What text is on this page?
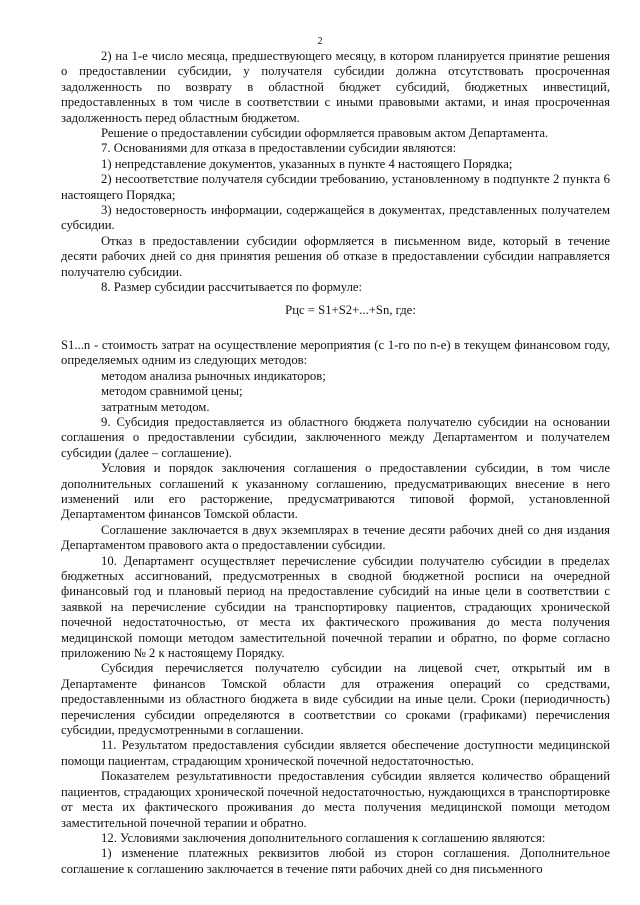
2

2) на 1-е число месяца, предшествующего месяцу, в котором планируется принятие решения о предоставлении субсидии, у получателя субсидии должна отсутствовать просроченная задолженность по возврату в областной бюджет субсидий, бюджетных инвестиций, предоставленных в том числе в соответствии с иными правовыми актами, и иная просроченная задолженность перед областным бюджетом.

Решение о предоставлении субсидии оформляется правовым актом Департамента.

7. Основаниями для отказа в предоставлении субсидии являются:

1) непредставление документов, указанных в пункте 4 настоящего Порядка;

2) несоответствие получателя субсидии требованию, установленному в подпункте 2 пункта 6 настоящего Порядка;

3) недостоверность информации, содержащейся в документах, представленных получателем субсидии.

Отказ в предоставлении субсидии оформляется в письменном виде, который в течение десяти рабочих дней со дня принятия решения об отказе в предоставлении субсидии направляется получателю субсидии.

8. Размер субсидии рассчитывается по формуле:

Рцс = S1+S2+...+Sn, где:

S1...n - стоимость затрат на осуществление мероприятия (с 1-го по n-е) в текущем финансовом году, определяемых одним из следующих методов:

методом анализа рыночных индикаторов;

методом сравнимой цены;

затратным методом.

9. Субсидия предоставляется из областного бюджета получателю субсидии на основании соглашения о предоставлении субсидии, заключенного между Департаментом и получателем субсидии (далее – соглашение).

Условия и порядок заключения соглашения о предоставлении субсидии, в том числе дополнительных соглашений к указанному соглашению, предусматривающих внесение в него изменений или его расторжение, предусматриваются типовой формой, установленной Департаментом финансов Томской области.

Соглашение заключается в двух экземплярах в течение десяти рабочих дней со дня издания Департаментом правового акта о предоставлении субсидии.

10. Департамент осуществляет перечисление субсидии получателю субсидии в пределах бюджетных ассигнований, предусмотренных в сводной бюджетной росписи на очередной финансовый год и плановый период на предоставление субсидий на иные цели в соответствии с заявкой на перечисление субсидии на транспортировку пациентов, страдающих хронической почечной недостаточностью, от места их фактического проживания до места получения медицинской помощи методом заместительной почечной терапии и обратно, по форме согласно приложению № 2 к настоящему Порядку.

Субсидия перечисляется получателю субсидии на лицевой счет, открытый им в Департаменте финансов Томской области для отражения операций со средствами, предоставленными из областного бюджета в виде субсидии на иные цели. Сроки (периодичность) перечисления субсидии определяются в соответствии со сроками (графиками) перечисления субсидии, предусмотренными в соглашении.

11. Результатом предоставления субсидии является обеспечение доступности медицинской помощи пациентам, страдающим хронической почечной недостаточностью.

Показателем результативности предоставления субсидии является количество обращений пациентов, страдающих хронической почечной недостаточностью, нуждающихся в транспортировке от места их фактического проживания до места получения медицинской помощи методом заместительной почечной терапии и обратно.

12. Условиями заключения дополнительного соглашения к соглашению являются:

1) изменение платежных реквизитов любой из сторон соглашения. Дополнительное соглашение к соглашению заключается в течение пяти рабочих дней со дня письменного
